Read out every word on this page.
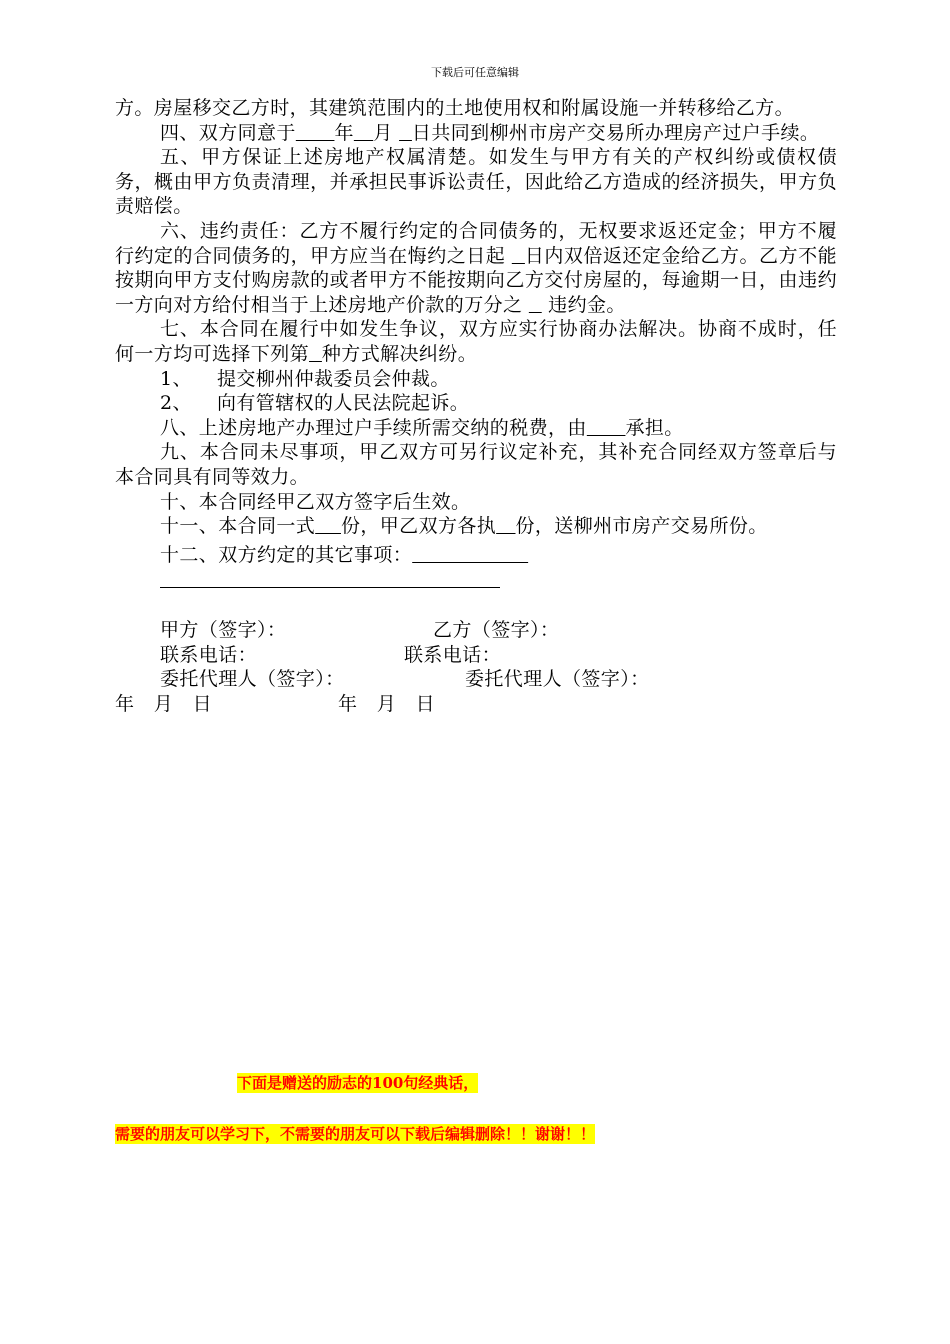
下载后可任意编辑

方。房屋移交乙方时，其建筑范围内的土地使用权和附属设施一并转移给乙方。

四、双方同意于 年 月   日共同到柳州市房产交易所办理房产过户手续。

五、甲方保证上述房地产权属清楚。如发生与甲方有关的产权纠纷或债权债务，概由甲方负责清理，并承担民事诉讼责任，因此给乙方造成的经济损失，甲方负责赔偿。

六、违约责任：乙方不履行约定的合同债务的，无权要求返还定金；甲方不履行约定的合同债务的，甲方应当在悔约之日起   日内双倍返还定金给乙方。乙方不能按期向甲方支付购房款的或者甲方不能按期向乙方交付房屋的，每逾期一日，由违约一方向对方给付相当于上述房地产价款的万分之    违约金。

七、本合同在履行中如发生争议，双方应实行协商办法解决。协商不成时，任何一方均可选择下列第 种方式解决纠纷。

1、 提交柳州仲裁委员会仲裁。

2、 向有管辖权的人民法院起诉。

八、上述房地产办理过户手续所需交纳的税费，由 承担。

九、本合同未尽事项，甲乙双方可另行议定补充，其补充合同经双方签章后与本合同具有同等效力。

十、本合同经甲乙双方签字后生效。

十一、本合同一式 份，甲乙双方各执 份，送柳州市房产交易所份。

十二、双方约定的其它事项：

甲方（签字）：	乙方（签字）：
联系电话：	联系电话：
委托代理人（签字）：	委托代理人（签字）：
年　月　日	年　月　日
下面是赠送的励志的100句经典话，
需要的朋友可以学习下，不需要的朋友可以下载后编辑删除！！谢谢！！
